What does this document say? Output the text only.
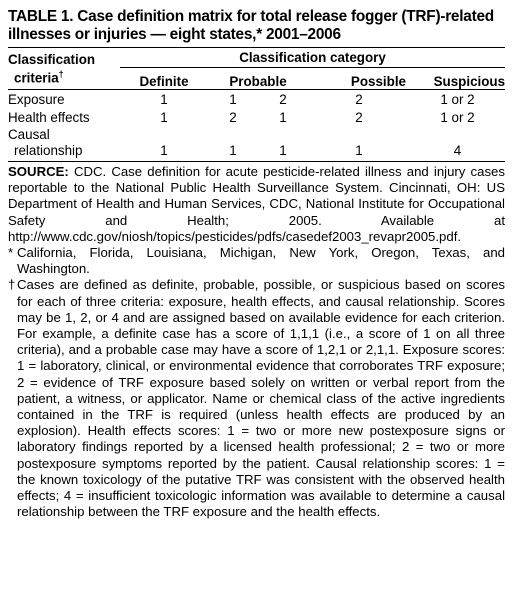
TABLE 1. Case definition matrix for total release fogger (TRF)-related illnesses or injuries — eight states,* 2001–2006
Classification	Classification category				
criteria†	Definite	Probable		Possible	Suspicious

Exposure	1	1	2	2	1 or 2
Health effects	1	2	1	2	1 or 2
Causal					
relationship	1	1	1	1	4

SOURCE: CDC. Case definition for acute pesticide-related illness and injury cases reportable to the National Public Health Surveillance System. Cincinnati, OH: US Department of Health and Human Services, CDC, National Institute for Occupational Safety and Health; 2005. Available at http://www.cdc.gov/niosh/topics/pesticides/pdfs/casedef2003_revapr2005.pdf.

* California, Florida, Louisiana, Michigan, New York, Oregon, Texas, and Washington.

† Cases are defined as definite, probable, possible, or suspicious based on scores for each of three criteria: exposure, health effects, and causal relationship. Scores may be 1, 2, or 4 and are assigned based on available evidence for each criterion. For example, a definite case has a score of 1,1,1 (i.e., a score of 1 on all three criteria), and a probable case may have a score of 1,2,1 or 2,1,1. Exposure scores: 1 = laboratory, clinical, or environmental evidence that corroborates TRF exposure; 2 = evidence of TRF exposure based solely on written or verbal report from the patient, a witness, or applicator. Name or chemical class of the active ingredients contained in the TRF is required (unless health effects are produced by an explosion). Health effects scores: 1 = two or more new postexposure signs or laboratory findings reported by a licensed health professional; 2 = two or more postexposure symptoms reported by the patient. Causal relationship scores: 1 = the known toxicology of the putative TRF was consistent with the observed health effects; 4 = insufficient toxicologic information was available to determine a causal relationship between the TRF exposure and the health effects.
